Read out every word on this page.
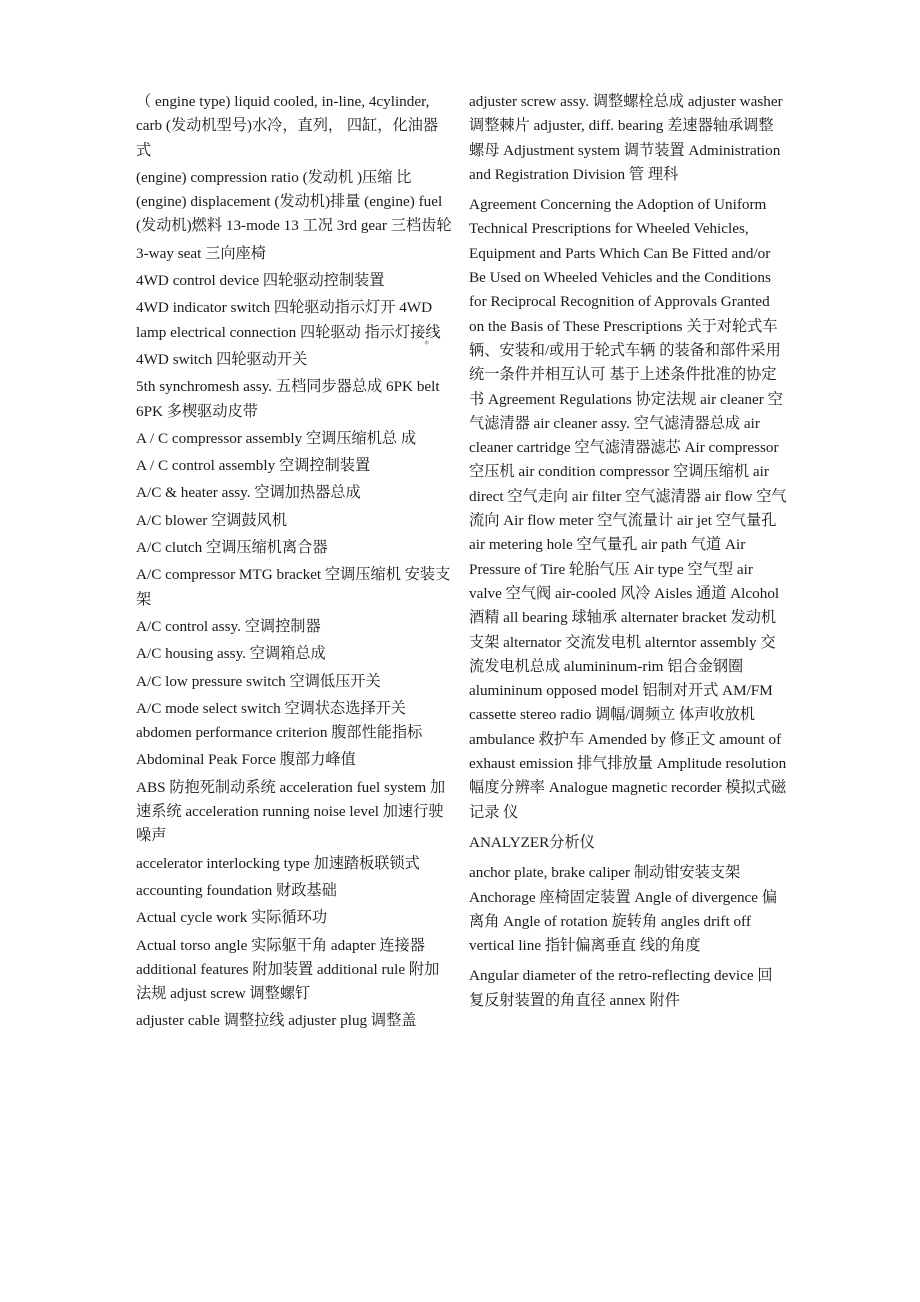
（ engine type) liquid cooled, in-line, 4cylinder, carb (发动机型号)水冷，直列， 四缸，化油器式

(engine) compression ratio (发动机 )压缩 比 (engine) displacement (发动机)排量 (engine) fuel (发动机)燃料 13-mode 13 工况 3rd gear 三档齿轮

3-way seat 三向座椅

4WD control device 四轮驱动控制装置

4WD indicator switch 四轮驱动指示灯开 4WD lamp electrical connection 四轮驱动 指示灯接线

4WD switch 四轮驱动开关

5th synchromesh assy. 五档同步器总成 6PK belt 6PK 多楔驱动皮带

A / C compressor assembly 空调压缩机总 成

A / C control assembly 空调控制装置

A/C & heater assy. 空调加热器总成

A/C blower 空调鼓风机

A/C clutch 空调压缩机离合器

A/C compressor MTG bracket 空调压缩机 安装支架

A/C control assy. 空调控制器

A/C housing assy. 空调箱总成

A/C low pressure switch 空调低压开关

A/C mode select switch 空调状态选择开关 abdomen performance criterion 腹部性能指标

Abdominal Peak Force 腹部力峰值

ABS 防抱死制动系统 acceleration fuel system 加速系统 acceleration running noise level 加速行驶 噪声

accelerator interlocking type 加速踏板联锁式

accounting foundation 财政基础

Actual cycle work 实际循环功

Actual torso angle 实际躯干角 adapter 连接器 additional features 附加装置 additional rule 附加法规 adjust screw 调整螺钉

adjuster cable 调整拉线 adjuster plug 调整盖

*

adjuster screw assy. 调整螺栓总成 adjuster washer 调整棘片 adjuster, diff. bearing 差速器轴承调整螺母 Adjustment system 调节装置 Administration and Registration Division 管 理科

Agreement Concerning the Adoption of Uniform Technical Prescriptions for Wheeled Vehicles, Equipment and Parts Which Can Be Fitted and/or Be Used on Wheeled Vehicles and the Conditions for Reciprocal Recognition of Approvals Granted on the Basis of These Prescriptions 关于对轮式车辆、安装和/或用于轮式车辆 的装备和部件采用统一条件并相互认可 基于上述条件批准的协定书 Agreement Regulations 协定法规 air cleaner 空气滤清器 air cleaner assy. 空气滤清器总成 air cleaner cartridge 空气滤清器滤芯 Air compressor 空压机 air condition compressor 空调压缩机 air direct 空气走向 air filter 空气滤清器 air flow 空气流向 Air flow meter 空气流量计 air jet 空气量孔 air metering hole 空气量孔 air path 气道 Air Pressure of Tire 轮胎气压 Air type 空气型 air valve 空气阀 air-cooled 风冷 Aisles 通道 Alcohol 酒精 all bearing 球轴承 alternater bracket 发动机支架 alternator 交流发电机 alterntor assembly 交流发电机总成 alumininum-rim 铝合金钢圈 alumininum opposed model 铝制对开式 AM/FM cassette stereo radio 调幅/调频立 体声收放机 ambulance 救护车 Amended by 修正文 amount of exhaust emission 排气排放量 Amplitude resolution 幅度分辨率 Analogue magnetic recorder 模拟式磁记录 仪

ANALYZER分析仪

anchor plate, brake caliper 制动钳安装支架 Anchorage 座椅固定装置 Angle of divergence 偏离角 Angle of rotation 旋转角 angles drift off vertical line 指针偏离垂直 线的角度

Angular diameter of the retro-reflecting device 回复反射装置的角直径 annex 附件
